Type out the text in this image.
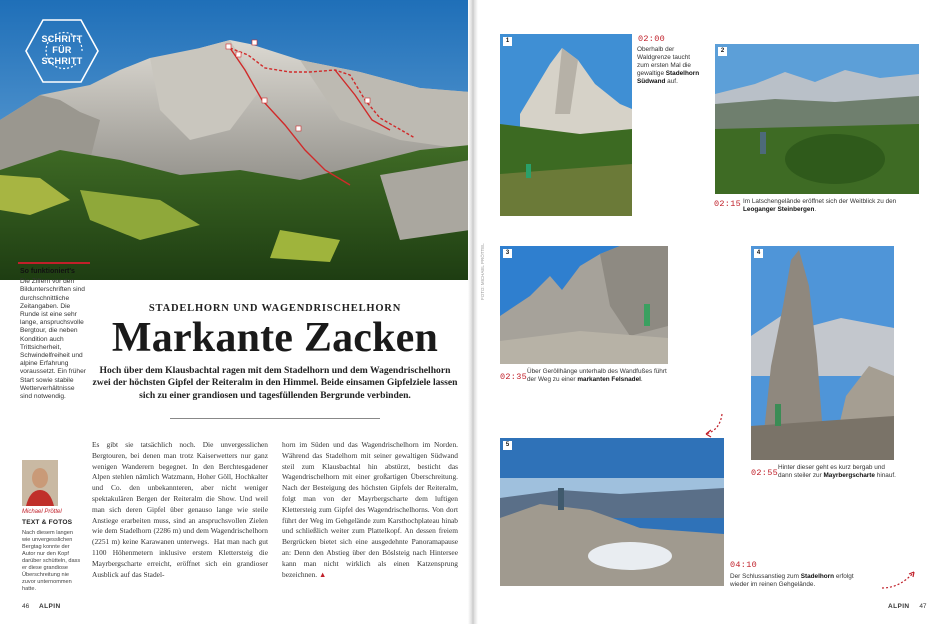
SCHRITT
FÜR
SCHRITT
So funktioniert's
Die Ziffern vor den Bildunterschriften sind durchschnittliche Zeitangaben. Die Runde ist eine sehr lange, anspruchsvolle Bergtour, die neben Kondition auch Trittsicherheit, Schwindelfreiheit und alpine Erfahrung voraussetzt. Ein früher Start sowie stabile Wetterverhältnisse sind notwendig.
Michael Pröttel
TEXT & FOTOS
Nach diesem langen wie unvergesslichen Bergtag konnte der Autor nur den Kopf darüber schütteln, dass er diese grandiose Überschreitung nie zuvor unternommen hatte.
STADELHORN UND WAGENDRISCHELHORN
Markante Zacken
Hoch über dem Klausbachtal ragen mit dem Stadelhorn und dem Wagendrischelhorn zwei der höchsten Gipfel der Reiteralm in den Himmel. Beide einsamen Gipfelziele lassen sich zu einer grandiosen und tagesfüllenden Bergrunde verbinden.
Es gibt sie tatsächlich noch. Die unvergesslichen Bergtouren, bei denen man trotz Kaiserwetters nur ganz wenigen Wanderern begegnet. In den Berchtesgadener Alpen stehlen nämlich Watzmann, Hoher Göll, Hochkalter und Co. den unbekannteren, aber nicht weniger spektakulären Bergen der Reiteralm die Show. Und weil man sich deren Gipfel über genauso lange wie steile Anstiege erarbeiten muss, sind an anspruchsvollen Zielen wie dem Stadelhorn (2286 m) und dem Wagendrischelhorn (2251 m) keine Karawanen unterwegs.  Hat man nach gut 1100 Höhenmetern inklusive erstem Klettersteig die Mayrbergscharte erreicht, eröffnet sich ein grandioser Ausblick auf das Stadel-
horn im Süden und das Wagendrischelhorn im Norden. Während das Stadelhorn mit seiner gewaltigen Südwand steil zum Klausbachtal hin abstürzt, besticht das Wagendrischelhorn mit einer großartigen Überschreitung. Nach der Besteigung des höchsten Gipfels der Reiteralm, folgt man von der Mayrbergscharte dem luftigen Klettersteig zum Gipfel des Wagendrischelhorns. Von dort führt der Weg im Gehgelände zum Karsthochplateau hinab und schließlich weiter zum Plattelkopf. An dessen freiem Bergrücken bietet sich eine ausgedehnte Panoramapause an: Denn den Abstieg über den Böslsteig nach Hintersee kann man nicht wirklich als einen Katzensprung bezeichnen. ▲
46 ALPIN
FOTO: MICHAEL PRÖTTEL
1	02:00
Oberhalb der Waldgrenze taucht zum ersten Mal die gewaltige Stadelhorn Südwand auf.
2
02:15 Im Latschengelände eröffnet sich der Weitblick zu den Leoganger Steinbergen.
3
02:35
Über Geröllhänge unterhalb des Wandfußes führt der Weg zu einer markanten Felsnadel.
4
02:55
Hinter dieser geht es kurz bergab und dann steiler zur Mayrbergscharte hinauf.
5
04:10
Der Schlussanstieg zum Stadelhorn erfolgt wieder im reinen Gehgelände.
ALPIN 47
